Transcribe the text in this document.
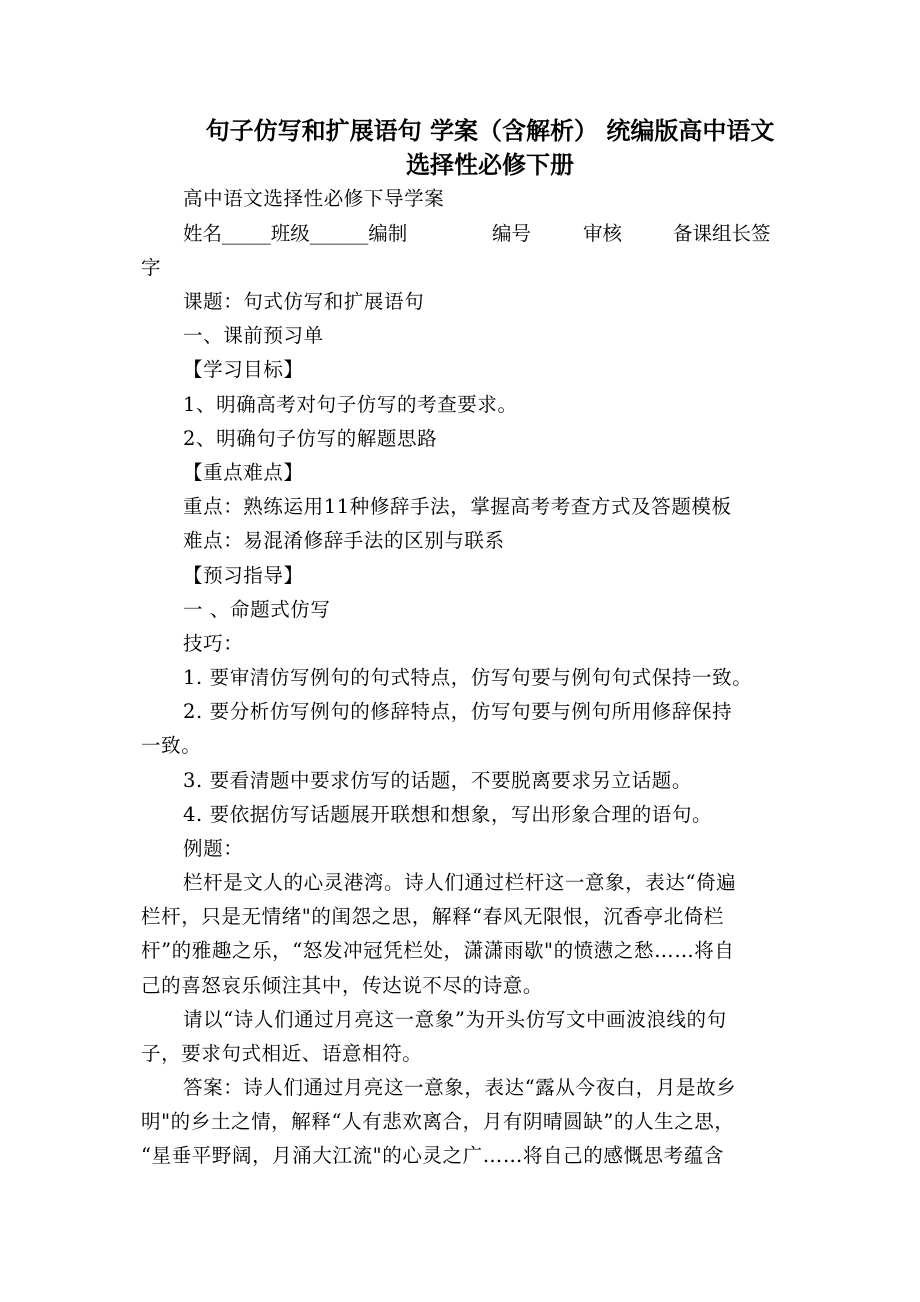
句子仿写和扩展语句 学案（含解析） 统编版高中语文
选择性必修下册
高中语文选择性必修下导学案
姓名_____班级______编制	编号	审核	备课组长签
字
课题：句式仿写和扩展语句
一、课前预习单
【学习目标】
1、明确高考对句子仿写的考查要求。
2、明确句子仿写的解题思路
【重点难点】
重点：熟练运用11种修辞手法，掌握高考考查方式及答题模板
难点：易混淆修辞手法的区别与联系
【预习指导】
一 、命题式仿写
技巧：
1. 要审清仿写例句的句式特点，仿写句要与例句句式保持一致。
2. 要分析仿写例句的修辞特点，仿写句要与例句所用修辞保持
一致。
3. 要看清题中要求仿写的话题，不要脱离要求另立话题。
4. 要依据仿写话题展开联想和想象，写出形象合理的语句。
例题：
栏杆是文人的心灵港湾。诗人们通过栏杆这一意象，表达“倚遍
栏杆，只是无情绪"的闺怨之思，解释“春风无限恨，沉香亭北倚栏
杆”的雅趣之乐，“怒发冲冠凭栏处，潇潇雨歇"的愤懑之愁……将自
己的喜怒哀乐倾注其中，传达说不尽的诗意。
请以“诗人们通过月亮这一意象”为开头仿写文中画波浪线的句
子，要求句式相近、语意相符。
答案：诗人们通过月亮这一意象，表达“露从今夜白，月是故乡
明"的乡土之情，解释“人有悲欢离合，月有阴晴圆缺”的人生之思，
“星垂平野阔，月涌大江流"的心灵之广……将自己的感慨思考蕴含
